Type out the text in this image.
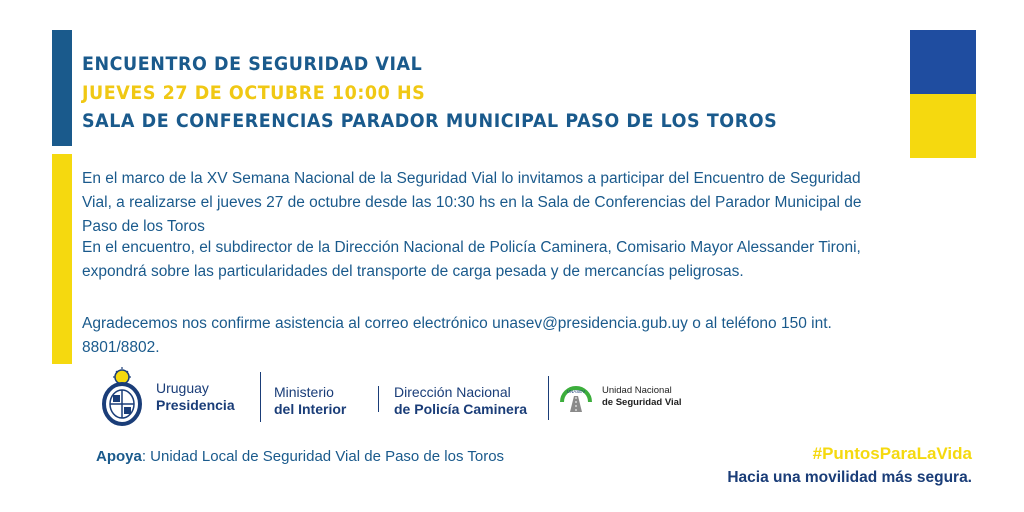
ENCUENTRO DE SEGURIDAD VIAL
JUEVES 27 DE OCTUBRE 10:00 HS
SALA DE CONFERENCIAS PARADOR MUNICIPAL PASO DE LOS TOROS
En el marco de la XV Semana Nacional de la Seguridad Vial lo invitamos a participar del Encuentro de Seguridad Vial, a realizarse el jueves 27 de octubre desde las 10:30 hs en la Sala de Conferencias del Parador Municipal de Paso de los Toros
En el encuentro, el subdirector de la Dirección Nacional de Policía Caminera, Comisario Mayor Alessander Tironi, expondrá sobre las particularidades del transporte de carga pesada y de mercancías peligrosas.
Agradecemos nos confirme asistencia al correo electrónico unasev@presidencia.gub.uy o al teléfono 150 int. 8801/8802.
Uruguay
Presidencia
Ministerio
del Interior
Dirección Nacional
de Policía Caminera
UNASEV Unidad Nacional
de Seguridad Vial
Apoya: Unidad Local de Seguridad Vial de Paso de los Toros	#PuntosParaLaVida
Hacia una movilidad más segura.
